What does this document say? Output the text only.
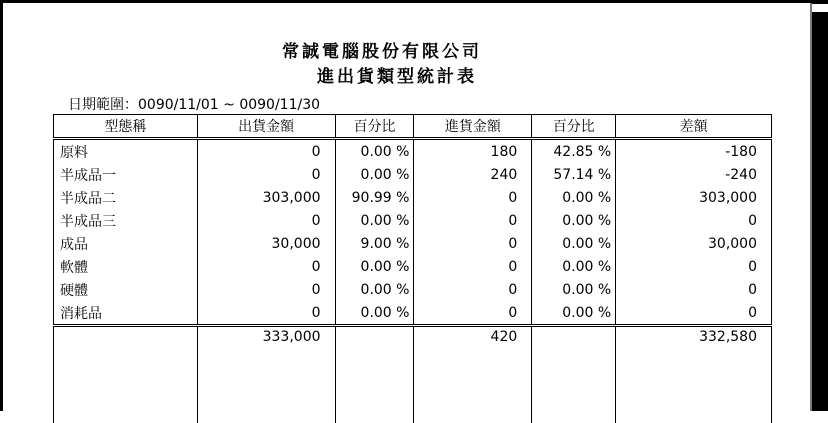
常誠電腦股份有限公司
進出貨類型統計表
日期範圍：0090/11/01 ~ 0090/11/30
型態稱	出貨金額	百分比	進貨金額	百分比	差額
原料	0	0.00 %	180	42.85 %	-180
半成品一	0	0.00 %	240	57.14 %	-240
半成品二	303,000	90.99 %	0	0.00 %	303,000
半成品三	0	0.00 %	0	0.00 %	0
成品	30,000	9.00 %	0	0.00 %	30,000
軟體	0	0.00 %	0	0.00 %	0
硬體	0	0.00 %	0	0.00 %	0
消耗品	0	0.00 %	0	0.00 %	0
	333,000		420		332,580
